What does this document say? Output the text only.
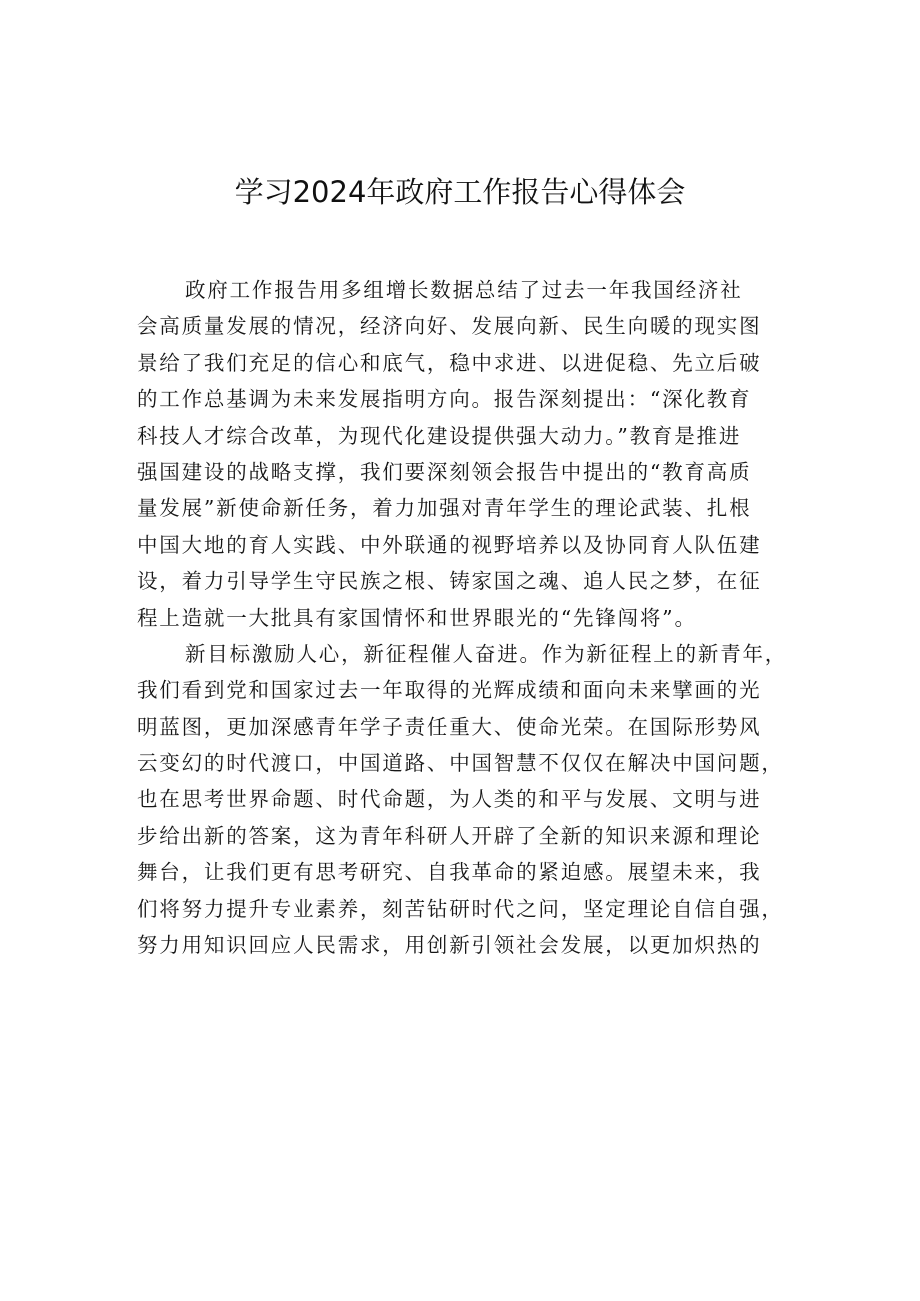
学习2024年政府工作报告心得体会
政府工作报告用多组增长数据总结了过去一年我国经济社
会高质量发展的情况，经济向好、发展向新、民生向暖的现实图
景给了我们充足的信心和底气，稳中求进、以进促稳、先立后破
的工作总基调为未来发展指明方向。报告深刻提出：“深化教育
科技人才综合改革，为现代化建设提供强大动力。”教育是推进
强国建设的战略支撑，我们要深刻领会报告中提出的“教育高质
量发展”新使命新任务，着力加强对青年学生的理论武装、扎根
中国大地的育人实践、中外联通的视野培养以及协同育人队伍建
设，着力引导学生守民族之根、铸家国之魂、追人民之梦，在征
程上造就一大批具有家国情怀和世界眼光的“先锋闯将”。
新目标激励人心，新征程催人奋进。作为新征程上的新青年，
我们看到党和国家过去一年取得的光辉成绩和面向未来擘画的光
明蓝图，更加深感青年学子责任重大、使命光荣。在国际形势风
云变幻的时代渡口，中国道路、中国智慧不仅仅在解决中国问题，
也在思考世界命题、时代命题，为人类的和平与发展、文明与进
步给出新的答案，这为青年科研人开辟了全新的知识来源和理论
舞台，让我们更有思考研究、自我革命的紧迫感。展望未来，我
们将努力提升专业素养，刻苦钻研时代之问，坚定理论自信自强，
努力用知识回应人民需求，用创新引领社会发展，以更加炽热的
